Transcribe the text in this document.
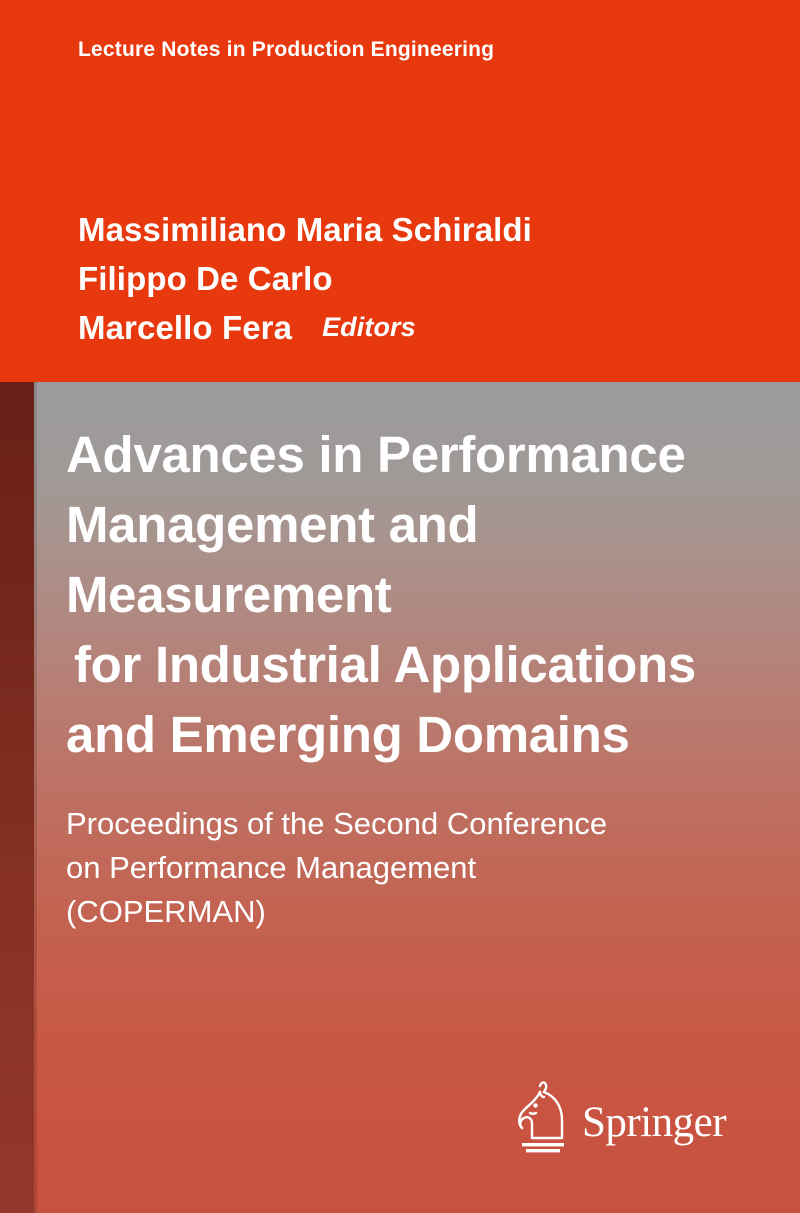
Lecture Notes in Production Engineering
Massimiliano Maria Schiraldi
Filippo De Carlo
Marcello Fera Editors
Advances in Performance
Management and
Measurement
for Industrial Applications
and Emerging Domains
Proceedings of the Second Conference
on Performance Management
(COPERMAN)
Springer
